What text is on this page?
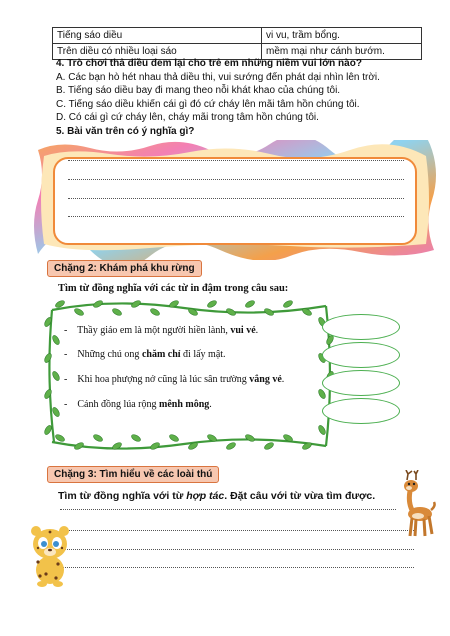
Tiếng sáo diều	vi vu, trầm bổng.
Trên diều có nhiều loại sáo	mềm mại như cánh bướm.
4. Trò chơi thả diều đem lại cho trẻ em những niềm vui lớn nào?
A. Các bạn hò hét nhau thả diều thi, vui sướng đến phát dại nhìn lên trời.
B. Tiếng sáo diều bay đi mang theo nỗi khát khao của chúng tôi.
C. Tiếng sáo diều khiến cái gì đó cứ cháy lên mãi tâm hồn chúng tôi.
D. Có cái gì cứ cháy lên, cháy mãi trong tâm hồn chúng tôi.
5. Bài văn trên có ý nghĩa gì?
Chặng 2: Khám phá khu rừng
Tìm từ đồng nghĩa với các từ in đậm trong câu sau:
- Thầy giáo em là một người hiền lành, vui vẻ.
- Những chú ong chăm chỉ đi lấy mật.
- Khi hoa phượng nở cũng là lúc sân trường vắng vẻ.
- Cánh đồng lúa rộng mênh mông.
Chặng 3: Tìm hiểu về các loài thú
Tìm từ đồng nghĩa với từ hợp tác. Đặt câu với từ vừa tìm được.
